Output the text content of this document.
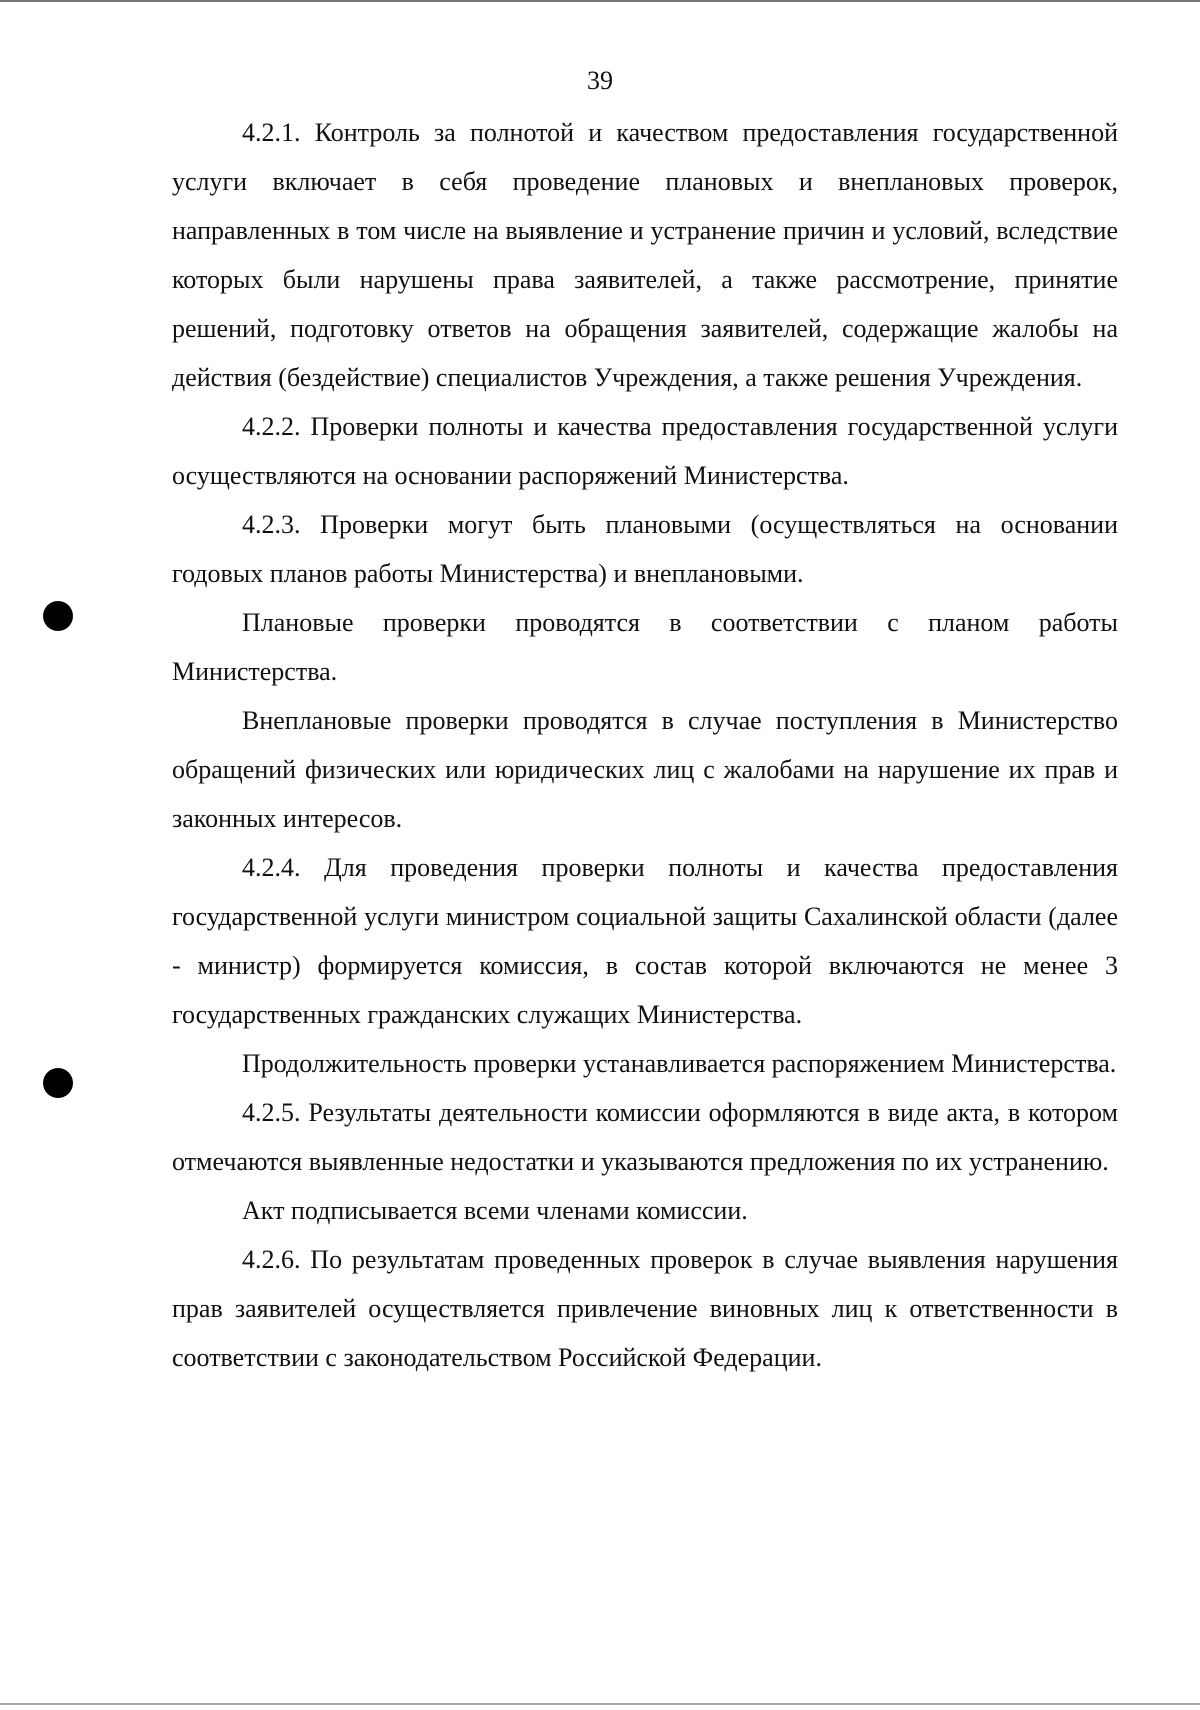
39

4.2.1. Контроль за полнотой и качеством предоставления государственной услуги включает в себя проведение плановых и внеплановых проверок, направленных в том числе на выявление и устранение причин и условий, вследствие которых были нарушены права заявителей, а также рассмотрение, принятие решений, подготовку ответов на обращения заявителей, содержащие жалобы на действия (бездействие) специалистов Учреждения, а также решения Учреждения.

4.2.2. Проверки полноты и качества предоставления государственной услуги осуществляются на основании распоряжений Министерства.

4.2.3. Проверки могут быть плановыми (осуществляться на основании годовых планов работы Министерства) и внеплановыми.

Плановые проверки проводятся в соответствии с планом работы Министерства.

Внеплановые проверки проводятся в случае поступления в Министерство обращений физических или юридических лиц с жалобами на нарушение их прав и законных интересов.

4.2.4. Для проведения проверки полноты и качества предоставления государственной услуги министром социальной защиты Сахалинской области (далее - министр) формируется комиссия, в состав которой включаются не менее 3 государственных гражданских служащих Министерства.

Продолжительность проверки устанавливается распоряжением Министерства.

4.2.5. Результаты деятельности комиссии оформляются в виде акта, в котором отмечаются выявленные недостатки и указываются предложения по их устранению.

Акт подписывается всеми членами комиссии.

4.2.6. По результатам проведенных проверок в случае выявления нарушения прав заявителей осуществляется привлечение виновных лиц к ответственности в соответствии с законодательством Российской Федерации.
